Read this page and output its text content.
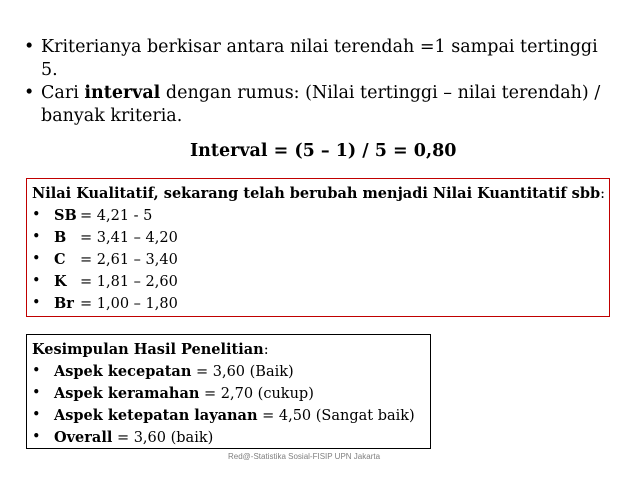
• Kriterianya berkisar antara nilai terendah =1 sampai tertinggi 5.
• Cari interval dengan rumus: (Nilai tertinggi – nilai terendah) / banyak kriteria.
Interval = (5 – 1) / 5 = 0,80
Nilai Kualitatif, sekarang telah berubah menjadi Nilai Kuantitatif sbb:
• SB = 4,21 - 5
• B = 3,41 – 4,20
• C = 2,61 – 3,40
• K = 1,81 – 2,60
• Br = 1,00 – 1,80
Kesimpulan Hasil Penelitian:
• Aspek kecepatan = 3,60 (Baik)
• Aspek keramahan = 2,70 (cukup)
• Aspek ketepatan layanan = 4,50 (Sangat baik)
• Overall = 3,60 (baik)
Red@-Statistika Sosial-FISIP UPN Jakarta
